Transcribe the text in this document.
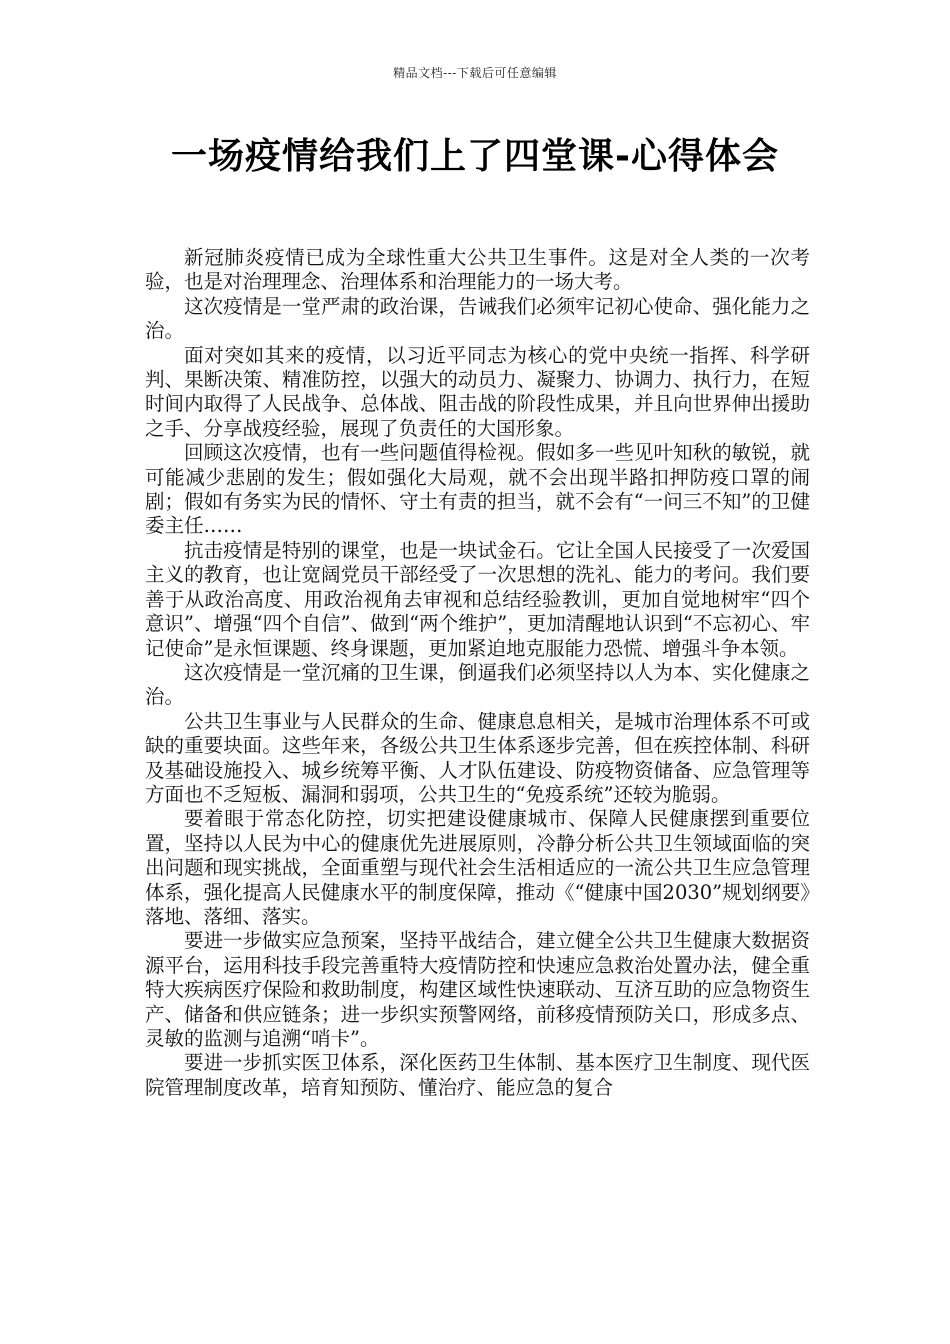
精品文档---下载后可任意编辑
一场疫情给我们上了四堂课-心得体会

新冠肺炎疫情已成为全球性重大公共卫生事件。这是对全人类的一次考验，也是对治理理念、治理体系和治理能力的一场大考。

这次疫情是一堂严肃的政治课，告诫我们必须牢记初心使命、强化能力之治。

面对突如其来的疫情，以习近平同志为核心的党中央统一指挥、科学研判、果断决策、精准防控，以强大的动员力、凝聚力、协调力、执行力，在短时间内取得了人民战争、总体战、阻击战的阶段性成果，并且向世界伸出援助之手、分享战疫经验，展现了负责任的大国形象。

回顾这次疫情，也有一些问题值得检视。假如多一些见叶知秋的敏锐，就可能减少悲剧的发生；假如强化大局观，就不会出现半路扣押防疫口罩的闹剧；假如有务实为民的情怀、守土有责的担当，就不会有“一问三不知”的卫健委主任……

抗击疫情是特别的课堂，也是一块试金石。它让全国人民接受了一次爱国主义的教育，也让宽阔党员干部经受了一次思想的洗礼、能力的考问。我们要善于从政治高度、用政治视角去审视和总结经验教训，更加自觉地树牢“四个意识”、增强“四个自信”、做到“两个维护”，更加清醒地认识到“不忘初心、牢记使命”是永恒课题、终身课题，更加紧迫地克服能力恐慌、增强斗争本领。

这次疫情是一堂沉痛的卫生课，倒逼我们必须坚持以人为本、实化健康之治。

公共卫生事业与人民群众的生命、健康息息相关，是城市治理体系不可或缺的重要块面。这些年来，各级公共卫生体系逐步完善，但在疾控体制、科研及基础设施投入、城乡统筹平衡、人才队伍建设、防疫物资储备、应急管理等方面也不乏短板、漏洞和弱项，公共卫生的“免疫系统”还较为脆弱。

要着眼于常态化防控，切实把建设健康城市、保障人民健康摆到重要位置，坚持以人民为中心的健康优先进展原则，冷静分析公共卫生领域面临的突出问题和现实挑战，全面重塑与现代社会生活相适应的一流公共卫生应急管理体系，强化提高人民健康水平的制度保障，推动《“健康中国2030”规划纲要》落地、落细、落实。

要进一步做实应急预案，坚持平战结合，建立健全公共卫生健康大数据资源平台，运用科技手段完善重特大疫情防控和快速应急救治处置办法，健全重特大疾病医疗保险和救助制度，构建区域性快速联动、互济互助的应急物资生产、储备和供应链条；进一步织实预警网络，前移疫情预防关口，形成多点、灵敏的监测与追溯“哨卡”。

要进一步抓实医卫体系，深化医药卫生体制、基本医疗卫生制度、现代医院管理制度改革，培育知预防、懂治疗、能应急的复合
